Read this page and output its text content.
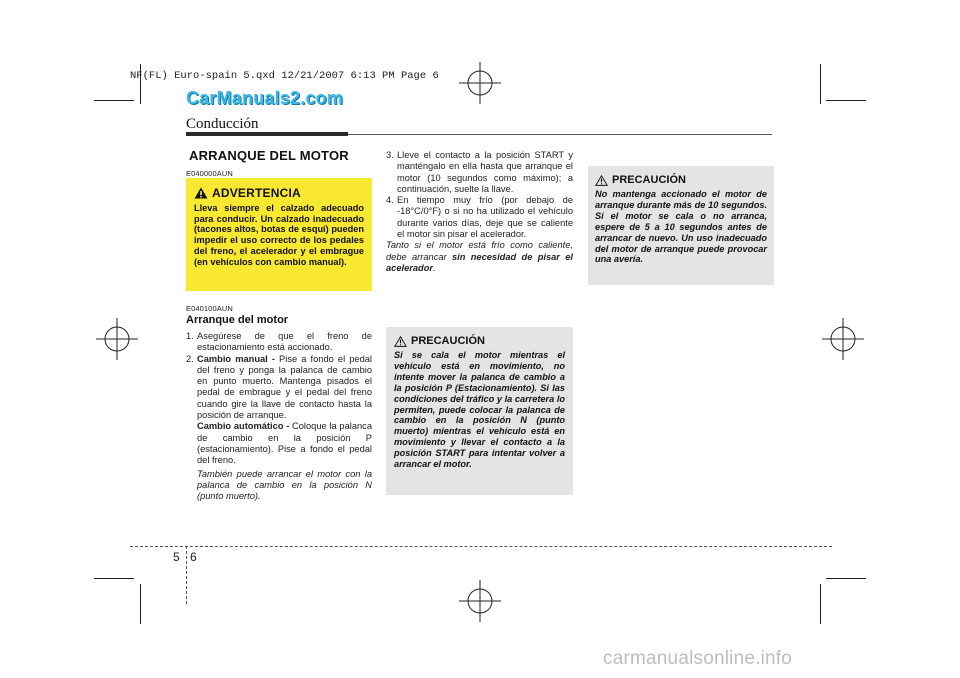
NF(FL) Euro-spain 5.qxd 12/21/2007 6:13 PM Page 6
CarManuals2.com
Conducción
ARRANQUE DEL MOTOR
E040000AUN
ADVERTENCIA
Lleva siempre el calzado adecuado para conducir. Un calzado inadecuado (tacones altos, botas de esquí) pueden impedir el uso correcto de los pedales del freno, el acelerador y el embrague (en vehículos con cambio manual).
E040100AUN
Arranque del motor
1. Asegúrese de que el freno de estacionamiento está accionado.
2. Cambio manual - Pise a fondo el pedal del freno y ponga la palanca de cambio en punto muerto. Mantenga pisados el pedal de embrague y el pedal del freno cuando gire la llave de contacto hasta la posición de arranque.

Cambio automático - Coloque la palanca de cambio en la posición P (estacionamiento). Pise a fondo el pedal del freno.

También puede arrancar el motor con la palanca de cambio en la posición N (punto muerto).

3. Lleve el contacto a la posición START y manténgalo en ella hasta que arranque el motor (10 segundos como máximo); a continuación, suelte la llave.
4. En tiempo muy frío (por debajo de -18°C/0°F) o si no ha utilizado el vehículo durante varios días, deje que se caliente el motor sin pisar el acelerador.

Tanto si el motor está frío como caliente, debe arrancar sin necesidad de pisar el acelerador.

PRECAUCIÓN
Si se cala el motor mientras el vehículo está en movimiento, no intente mover la palanca de cambio a la posición P (Estacionamiento). Si las condiciones del tráfico y la carretera lo permiten, puede colocar la palanca de cambio en la posición N (punto muerto) mientras el vehículo está en movimiento y llevar el contacto a la posición START para intentar volver a arrancar el motor.
PRECAUCIÓN
No mantenga accionado el motor de arranque durante más de 10 segundos. Si el motor se cala o no arranca, espere de 5 a 10 segundos antes de arrancar de nuevo. Un uso inadecuado del motor de arranque puede provocar una avería.
5 6
carmanualsonline.info
